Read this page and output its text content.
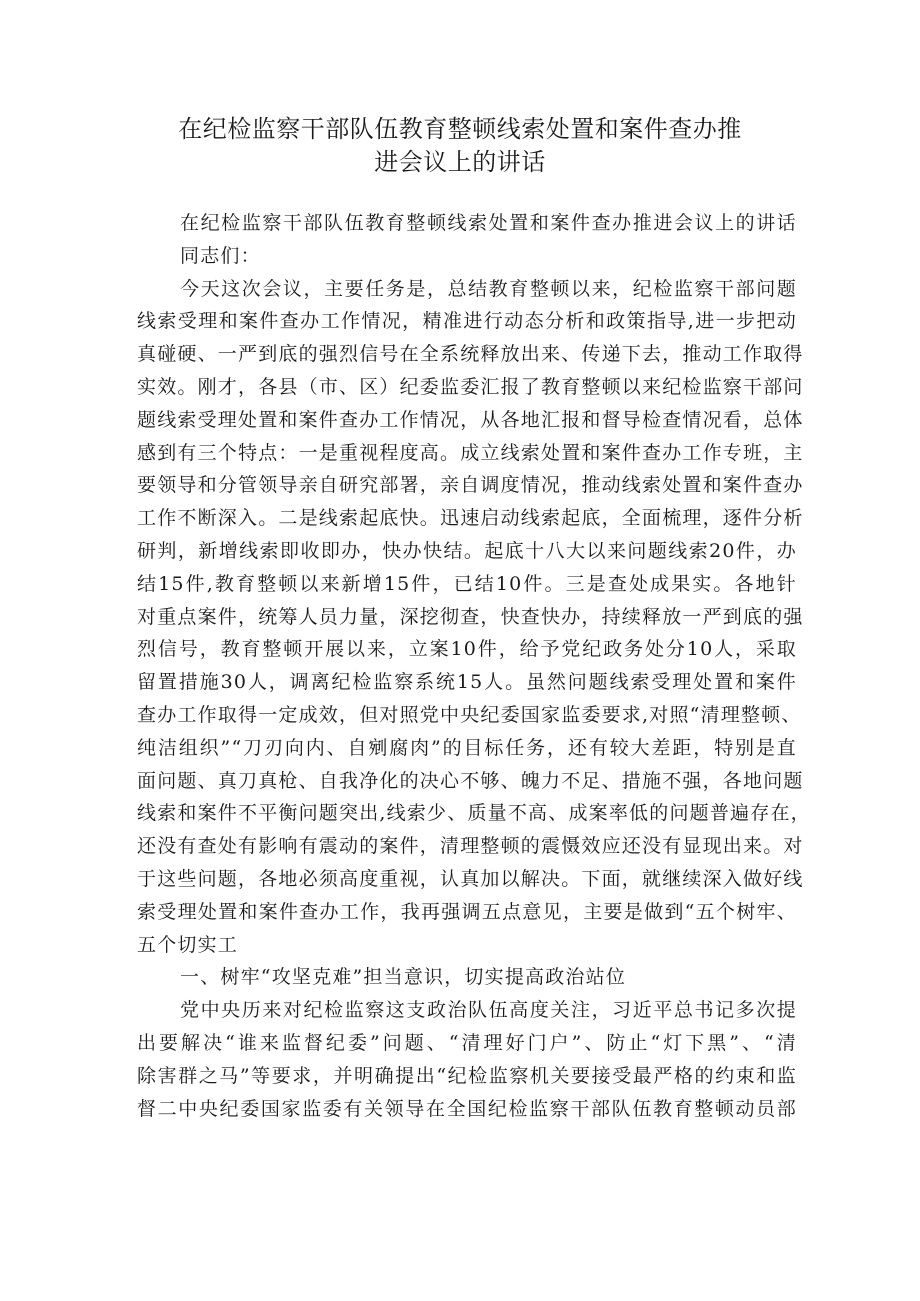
在纪检监察干部队伍教育整顿线索处置和案件查办推
进会议上的讲话
在纪检监察干部队伍教育整顿线索处置和案件查办推进会议上的讲话
同志们：
今天这次会议，主要任务是，总结教育整顿以来，纪检监察干部问题
线索受理和案件查办工作情况，精准进行动态分析和政策指导,进一步把动
真碰硬、一严到底的强烈信号在全系统释放出来、传递下去，推动工作取得
实效。刚才，各县（市、区）纪委监委汇报了教育整顿以来纪检监察干部问
题线索受理处置和案件查办工作情况，从各地汇报和督导检查情况看，总体
感到有三个特点：一是重视程度高。成立线索处置和案件查办工作专班，主
要领导和分管领导亲自研究部署，亲自调度情况，推动线索处置和案件查办
工作不断深入。二是线索起底快。迅速启动线索起底，全面梳理，逐件分析
研判，新增线索即收即办，快办快结。起底十八大以来问题线索20件，办
结15件,教育整顿以来新增15件，已结10件。三是查处成果实。各地针
对重点案件，统筹人员力量，深挖彻查，快查快办，持续释放一严到底的强
烈信号，教育整顿开展以来，立案10件，给予党纪政务处分10人，采取
留置措施30人，调离纪检监察系统15人。虽然问题线索受理处置和案件
查办工作取得一定成效，但对照党中央纪委国家监委要求,对照“清理整顿、
纯洁组织”“刀刃向内、自剜腐肉”的目标任务，还有较大差距，特别是直
面问题、真刀真枪、自我净化的决心不够、魄力不足、措施不强，各地问题
线索和案件不平衡问题突出,线索少、质量不高、成案率低的问题普遍存在，
还没有查处有影响有震动的案件，清理整顿的震慑效应还没有显现出来。对
于这些问题，各地必须高度重视，认真加以解决。下面，就继续深入做好线
索受理处置和案件查办工作，我再强调五点意见，主要是做到“五个树牢、
五个切实工
一、树牢“攻坚克难”担当意识，切实提高政治站位
党中央历来对纪检监察这支政治队伍高度关注，习近平总书记多次提
出要解决“谁来监督纪委”问题、“清理好门户”、防止“灯下黑”、“清
除害群之马”等要求，并明确提出“纪检监察机关要接受最严格的约束和监
督二中央纪委国家监委有关领导在全国纪检监察干部队伍教育整顿动员部
